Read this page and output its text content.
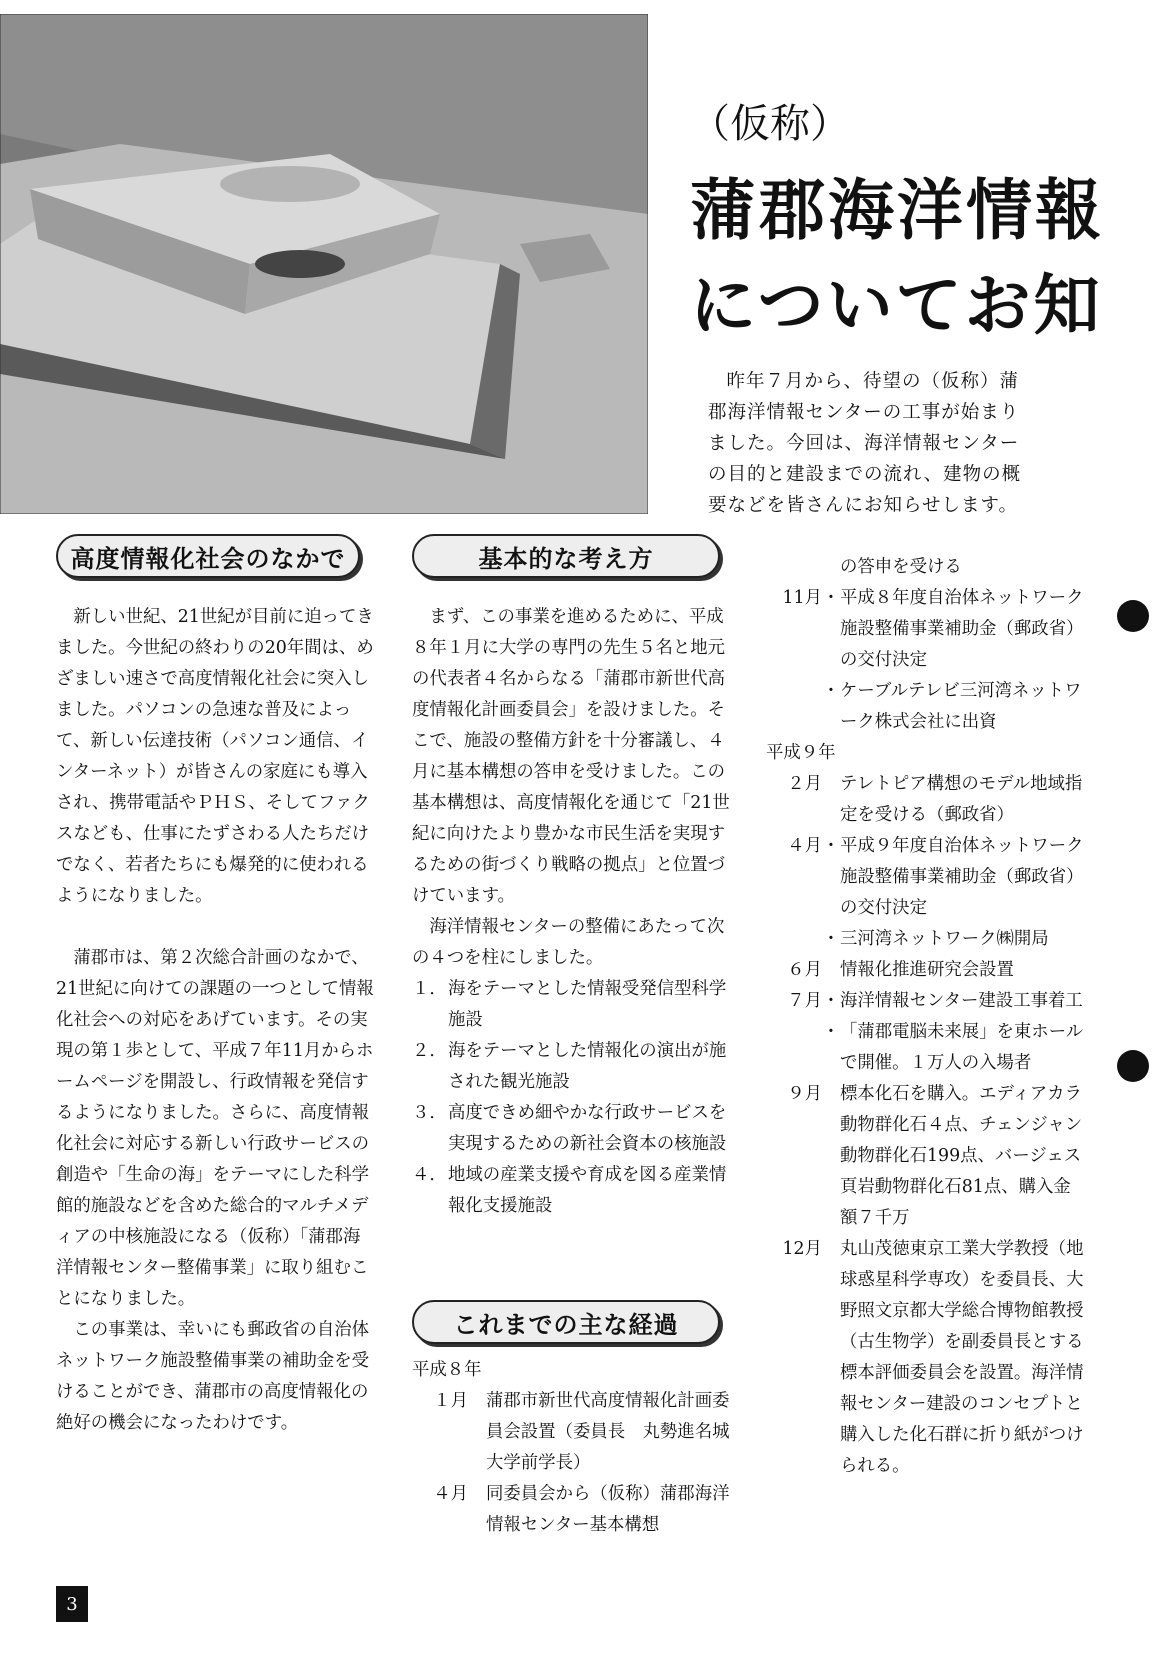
（仮称）
蒲郡海洋情報
についてお知
昨年７月から、待望の（仮称）蒲郡海洋情報センターの工事が始まりました。今回は、海洋情報センターの目的と建設までの流れ、建物の概要などを皆さんにお知らせします。
高度情報化社会のなかで

新しい世紀、21世紀が目前に迫ってきました。今世紀の終わりの20年間は、めざましい速さで高度情報化社会に突入しました。パソコンの急速な普及によって、新しい伝達技術（パソコン通信、インターネット）が皆さんの家庭にも導入され、携帯電話やＰＨＳ、そしてファクスなども、仕事にたずさわる人たちだけでなく、若者たちにも爆発的に使われるようになりました。

蒲郡市は、第２次総合計画のなかで、21世紀に向けての課題の一つとして情報化社会への対応をあげています。その実現の第１歩として、平成７年11月からホームページを開設し、行政情報を発信するようになりました。さらに、高度情報化社会に対応する新しい行政サービスの創造や「生命の海」をテーマにした科学館的施設などを含めた総合的マルチメディアの中核施設になる（仮称）「蒲郡海洋情報センター整備事業」に取り組むことになりました。

この事業は、幸いにも郵政省の自治体ネットワーク施設整備事業の補助金を受けることができ、蒲郡市の高度情報化の絶好の機会になったわけです。

基本的な考え方

まず、この事業を進めるために、平成８年１月に大学の専門の先生５名と地元の代表者４名からなる「蒲郡市新世代高度情報化計画委員会」を設けました。そこで、施設の整備方針を十分審議し、４月に基本構想の答申を受けました。この基本構想は、高度情報化を通じて「21世紀に向けたより豊かな市民生活を実現するための街づくり戦略の拠点」と位置づけています。

海洋情報センターの整備にあたって次の４つを柱にしました。

１． 海をテーマとした情報受発信型科学施設
２． 海をテーマとした情報化の演出が施された観光施設
３． 高度できめ細やかな行政サービスを実現するための新社会資本の核施設
４． 地域の産業支援や育成を図る産業情報化支援施設
これまでの主な経過
平成８年
１月 蒲郡市新世代高度情報化計画委員会設置（委員長　丸勢進名城大学前学長）
４月 同委員会から（仮称）蒲郡海洋情報センター基本構想
の答申を受ける
11月 ・ 平成８年度自治体ネットワーク施設整備事業補助金（郵政省）の交付決定
・ ケーブルテレビ三河湾ネットワーク株式会社に出資
平成９年
２月 テレトピア構想のモデル地域指定を受ける（郵政省）
４月 ・ 平成９年度自治体ネットワーク施設整備事業補助金（郵政省）の交付決定
・ 三河湾ネットワーク㈱開局
６月 情報化推進研究会設置
７月 ・ 海洋情報センター建設工事着工
・ 「蒲郡電脳未来展」を東ホールで開催。１万人の入場者
９月 標本化石を購入。エディアカラ動物群化石４点、チェンジャン動物群化石199点、バージェス頁岩動物群化石81点、購入金額７千万
12月 丸山茂徳東京工業大学教授（地球惑星科学専攻）を委員長、大野照文京都大学総合博物館教授（古生物学）を副委員長とする標本評価委員会を設置。海洋情報センター建設のコンセプトと購入した化石群に折り紙がつけられる。
3
